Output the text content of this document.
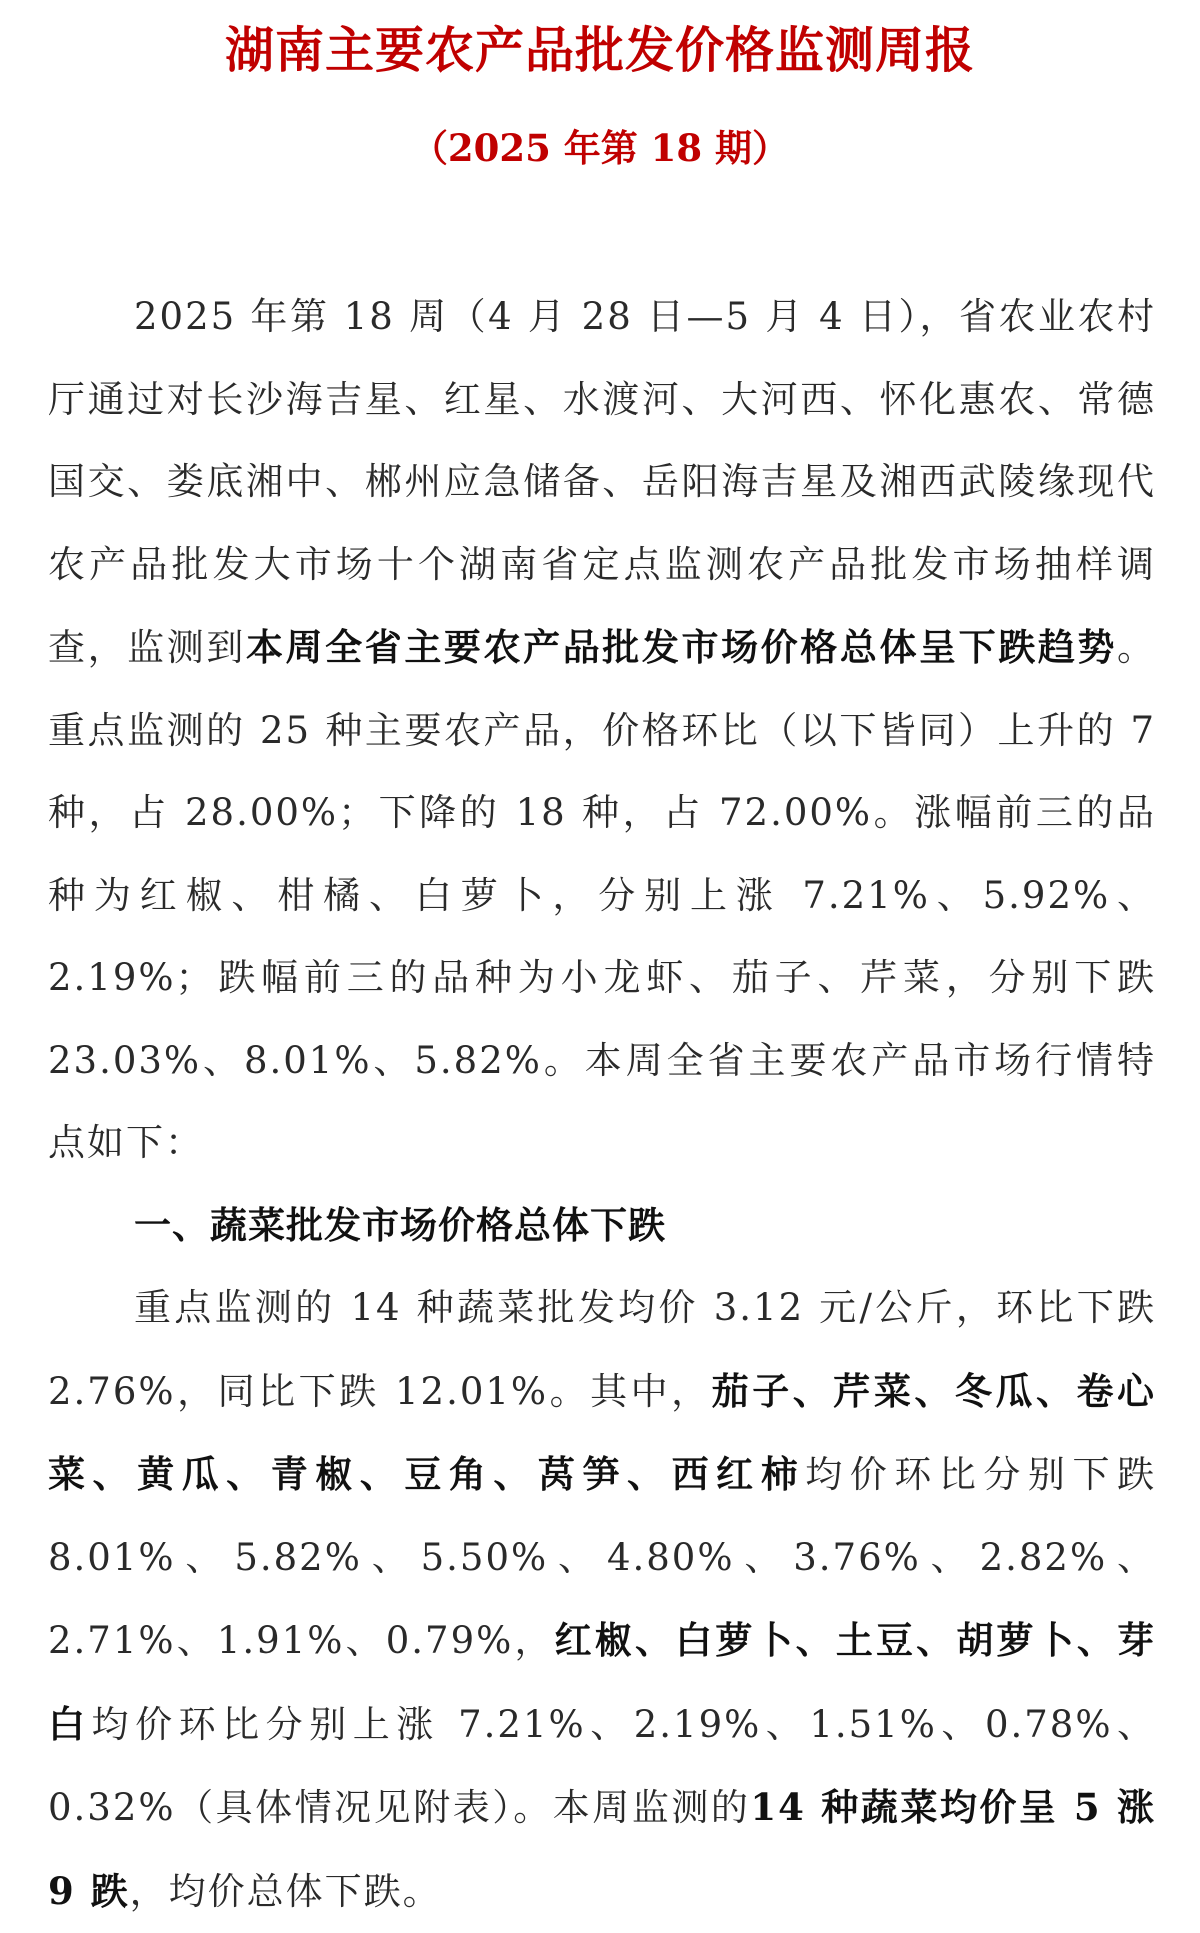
湖南主要农产品批发价格监测周报
（2025 年第 18 期）

2025 年第 18 周（4 月 28 日—5 月 4 日），省农业农村厅通过对长沙海吉星、红星、水渡河、大河西、怀化惠农、常德国交、娄底湘中、郴州应急储备、岳阳海吉星及湘西武陵缘现代农产品批发大市场十个湖南省定点监测农产品批发市场抽样调查，监测到本周全省主要农产品批发市场价格总体呈下跌趋势。重点监测的 25 种主要农产品，价格环比（以下皆同）上升的 7 种，占 28.00%；下降的 18 种，占 72.00%。涨幅前三的品种为红椒、柑橘、白萝卜，分别上涨 7.21%、5.92%、2.19%；跌幅前三的品种为小龙虾、茄子、芹菜，分别下跌 23.03%、8.01%、5.82%。本周全省主要农产品市场行情特点如下：

一、蔬菜批发市场价格总体下跌

重点监测的 14 种蔬菜批发均价 3.12 元/公斤，环比下跌 2.76%，同比下跌 12.01%。其中，茄子、芹菜、冬瓜、卷心菜、黄瓜、青椒、豆角、莴笋、西红柿均价环比分别下跌 8.01%、5.82%、5.50%、4.80%、3.76%、2.82%、2.71%、1.91%、0.79%，红椒、白萝卜、土豆、胡萝卜、芽白均价环比分别上涨 7.21%、2.19%、1.51%、0.78%、0.32%（具体情况见附表）。本周监测的14 种蔬菜均价呈 5 涨 9 跌，均价总体下跌。
